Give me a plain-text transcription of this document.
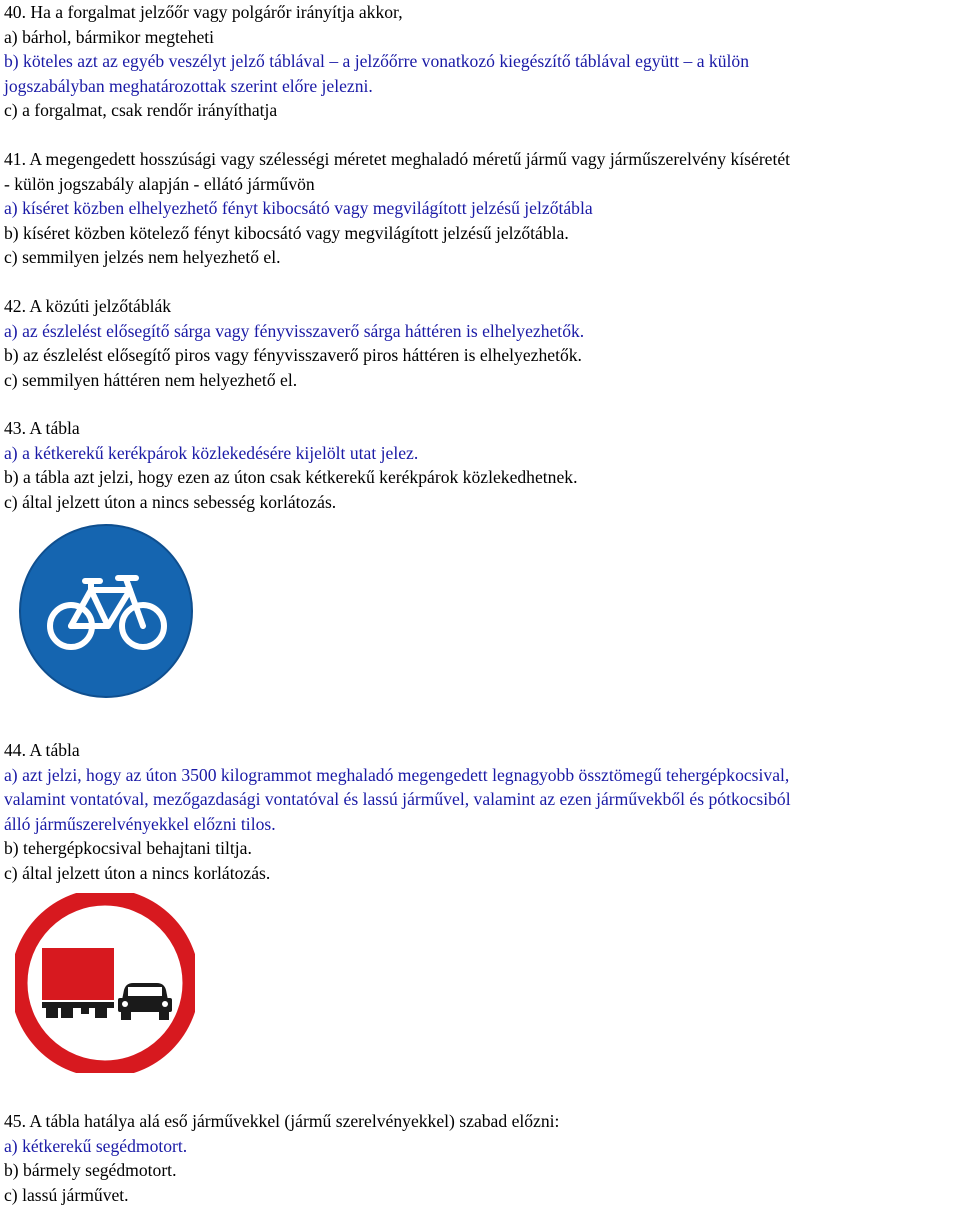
40. Ha a forgalmat jelzőőr vagy polgárőr irányítja akkor,
a) bárhol, bármikor megteheti
b) köteles azt az egyéb veszélyt jelző táblával – a jelzőőrre vonatkozó kiegészítő táblával együtt – a külön
jogszabályban meghatározottak szerint előre jelezni.
c) a forgalmat, csak rendőr irányíthatja
41. A megengedett hosszúsági vagy szélességi méretet meghaladó méretű jármű vagy járműszerelvény kíséretét
- külön jogszabály alapján - ellátó járművön
a) kíséret közben elhelyezhető fényt kibocsátó vagy megvilágított jelzésű jelzőtábla
b) kíséret közben kötelező fényt kibocsátó vagy megvilágított jelzésű jelzőtábla.
c) semmilyen jelzés nem helyezhető el.
42. A közúti jelzőtáblák
a) az észlelést elősegítő sárga vagy fényvisszaverő sárga háttéren is elhelyezhetők.
b) az észlelést elősegítő piros vagy fényvisszaverő piros háttéren is elhelyezhetők.
c) semmilyen háttéren nem helyezhető el.
43. A tábla
a) a kétkerekű kerékpárok közlekedésére kijelölt utat jelez.
b) a tábla azt jelzi, hogy ezen az úton csak kétkerekű kerékpárok közlekedhetnek.
c) által jelzett úton a nincs sebesség korlátozás.
44. A tábla
a) azt jelzi, hogy az úton 3500 kilogrammot meghaladó megengedett legnagyobb össztömegű tehergépkocsival,
valamint vontatóval, mezőgazdasági vontatóval és lassú járművel, valamint az ezen járművekből és pótkocsiból
álló járműszerelvényekkel előzni tilos.
b) tehergépkocsival behajtani tiltja.
c) által jelzett úton a nincs korlátozás.
45. A tábla hatálya alá eső járművekkel (jármű szerelvényekkel) szabad előzni:
a) kétkerekű segédmotort.
b) bármely segédmotort.
c) lassú járművet.
